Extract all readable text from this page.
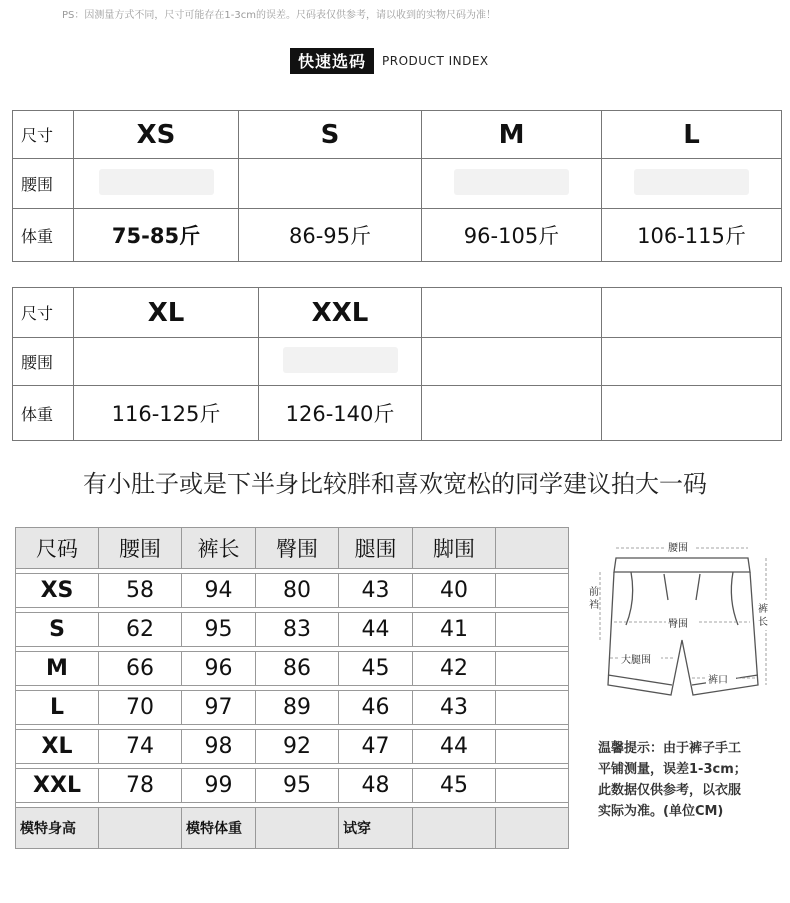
PS：因测量方式不同，尺寸可能存在1-3cm的误差。尺码表仅供参考，请以收到的实物尺码为准！
快速选码	PRODUCT INDEX
尺寸	XS	S	M	L
腰围				
体重	75-85斤	86-95斤	96-105斤	106-115斤
尺寸	XL	XXL		
腰围				
体重	116-125斤	126-140斤		
有小肚子或是下半身比较胖和喜欢宽松的同学建议拍大一码
尺码	腰围	裤长	臀围	腿围	脚围	

XS	58	94	80	43	40	

S	62	95	83	44	41	

M	66	96	86	45	42	

L	70	97	89	46	43	

XL	74	98	92	47	44	

XXL	78	99	95	48	45	

模特身高		模特体重		试穿		
腰围
前
裆	裤
长
臀围
大腿围
裤口
温馨提示：由于裤子手工
平铺测量，误差1-3cm；
此数据仅供参考，以衣服
实际为准。(单位CM)
